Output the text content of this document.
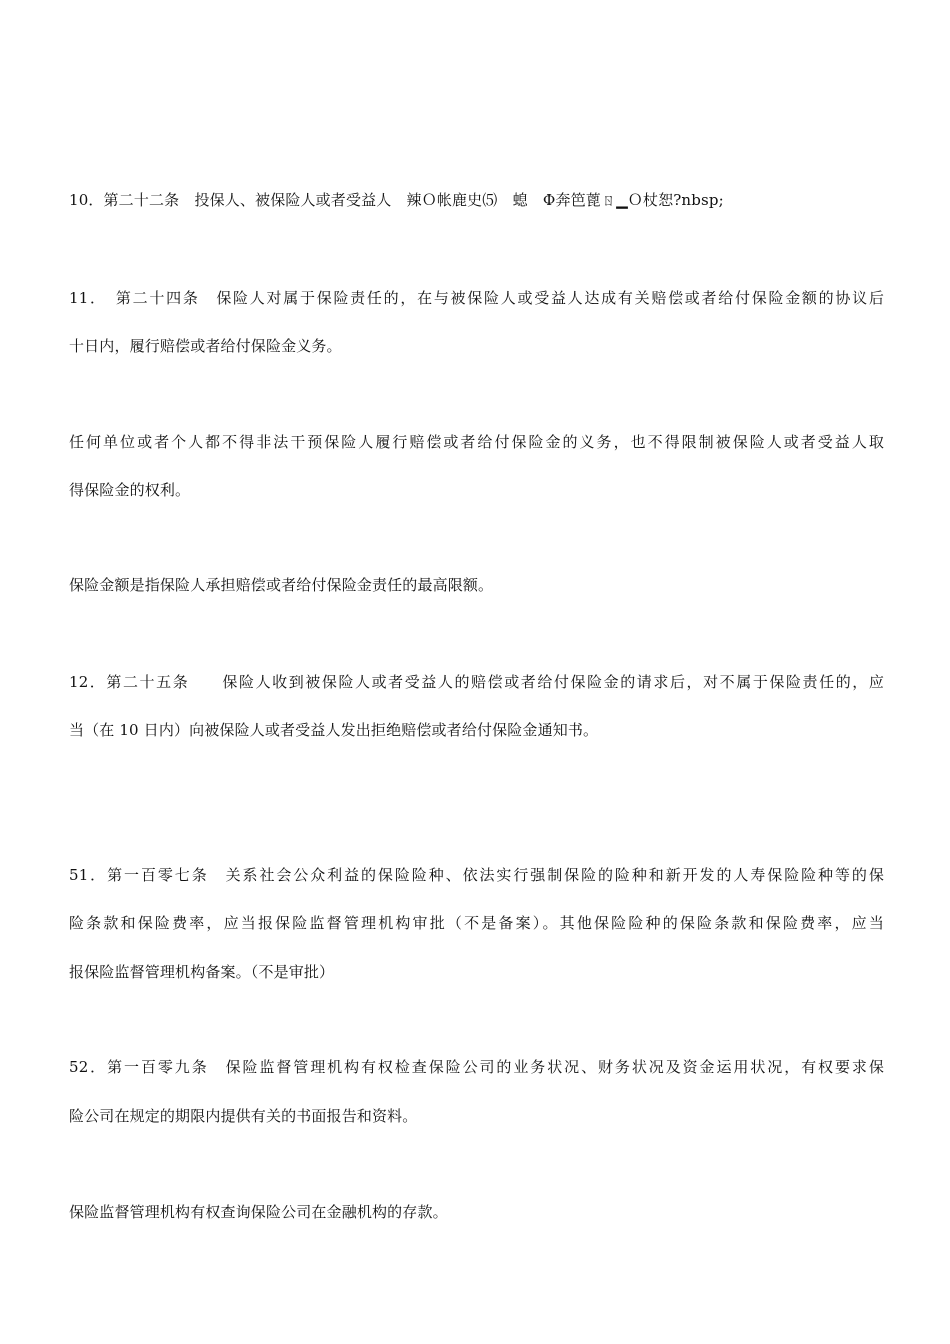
10．第二十二条　投保人、被保险人或者受益人　辣Ｏ帐鹿史⑸　螅　Ф奔笆蓖ㄖ▁Ｏ杖恕?nbsp;
11．　第二十四条　保险人对属于保险责任的，在与被保险人或受益人达成有关赔偿或者给付保险金额的协议后
十日内，履行赔偿或者给付保险金义务。
任何单位或者个人都不得非法干预保险人履行赔偿或者给付保险金的义务，也不得限制被保险人或者受益人取
得保险金的权利。
保险金额是指保险人承担赔偿或者给付保险金责任的最高限额。
12．第二十五条　　保险人收到被保险人或者受益人的赔偿或者给付保险金的请求后，对不属于保险责任的，应
当（在 10 日内）向被保险人或者受益人发出拒绝赔偿或者给付保险金通知书。
51．第一百零七条　关系社会公众利益的保险险种、依法实行强制保险的险种和新开发的人寿保险险种等的保
险条款和保险费率，应当报保险监督管理机构审批（不是备案）。其他保险险种的保险条款和保险费率，应当
报保险监督管理机构备案。（不是审批）
52．第一百零九条　保险监督管理机构有权检查保险公司的业务状况、财务状况及资金运用状况，有权要求保
险公司在规定的期限内提供有关的书面报告和资料。
保险监督管理机构有权查询保险公司在金融机构的存款。
